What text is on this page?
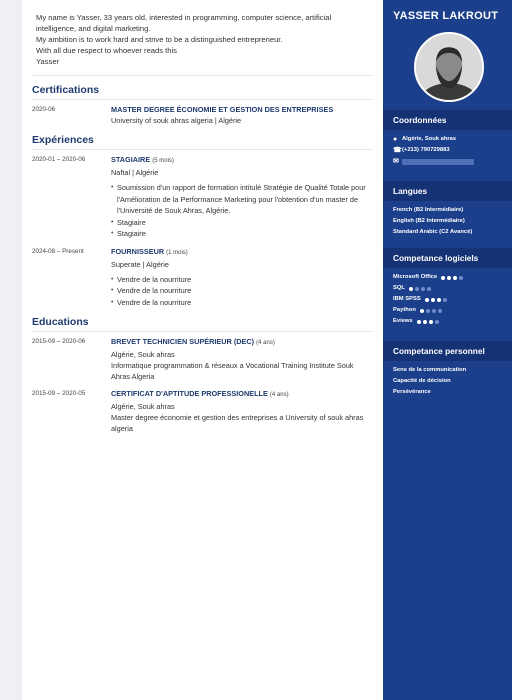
My name is Yasser, 33 years old, interested in programming, computer science, artificial intelligence, and digital marketing.

My ambition is to work hard and strive to be a distinguished entrepreneur.

With all due respect to whoever reads this

Yasser

Certifications
2020-06	MASTER DEGREE ÉCONOMIE ET GESTION DES ENTREPRISES
University of souk ahras algeria | Algérie
Expériences
2020-01 – 2020-06	STAGIAIRE (5 mois)
Naftal | Algérie
• Soumission d'un rapport de formation intitulé Stratégie de Qualité Totale pour l'Amélioration de la Performance Marketing pour l'obtention d'un master de l'Université de Souk Ahras, Algérie.
• Stagiaire
• Stagiaire
2024-08 – Present	FOURNISSEUR (1 mois)
Superate | Algérie
• Vendre de la nourriture
• Vendre de la nourriture
• Vendre de la nourriture
Educations
2015-09 – 2020-06	BREVET TECHNICIEN SUPÉRIEUR (DEC) (4 ans)
Algérie, Souk ahras
Informatique programmation & réseaux a Vocational Training Institute Souk Ahras Algeria
2015-09 – 2020-05	CERTIFICAT D'APTITUDE PROFESSIONELLE (4 ans)
Algérie, Souk ahras
Master degree économie et gestion des entreprises a University of souk ahras algeria
YASSER LAKROUT
Coordonnées
● Algérie, Souk ahras
☎ (+213) 790729883
✉
Langues
French (B2 Intermédiaire)
English (B2 Intermédiaire)
Standard Arabic (C2 Avancé)
Competance logiciels
Microsoft Office
SQL
IBM SPSS
Paython
Eviews
Competance personnel
Sens de la communication
Capacité de décision
Persévérance
